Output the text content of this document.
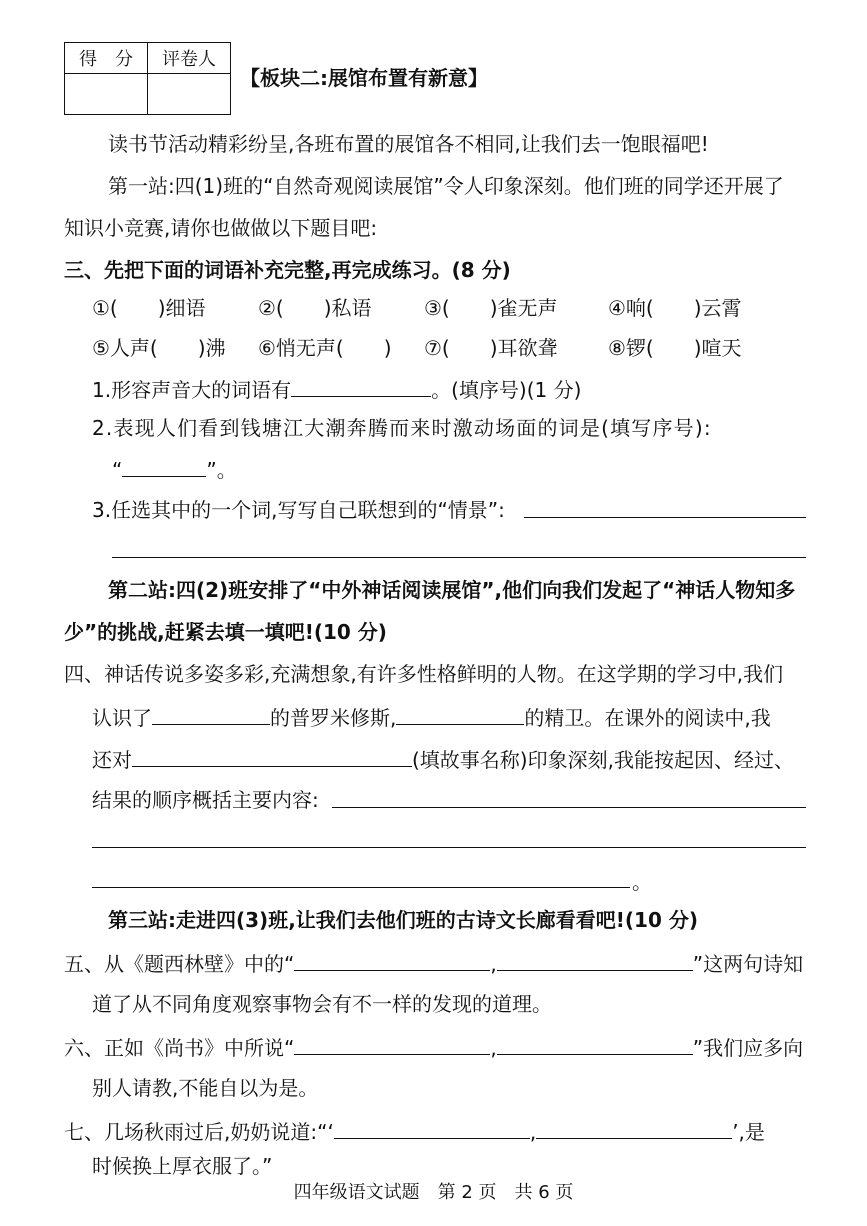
得　分	评卷人

【板块二:展馆布置有新意】
读书节活动精彩纷呈,各班布置的展馆各不相同,让我们去一饱眼福吧!
第一站:四(1)班的“自然奇观阅读展馆”令人印象深刻。他们班的同学还开展了
知识小竞赛,请你也做做以下题目吧:
三、先把下面的词语补充完整,再完成练习。(8 分)
①(　　)细语	②(　　)私语	③(　　)雀无声	④响(　　)云霄
⑤人声(　　)沸 ⑥悄无声(　　) ⑦(　　)耳欲聋	⑧锣(　　)喧天
1.形容声音大的词语有	。(填序号)(1 分)
2.表现人们看到钱塘江大潮奔腾而来时激动场面的词是(填写序号):
“	”。
3.任选其中的一个词,写写自己联想到的“情景”:
第二站:四(2)班安排了“中外神话阅读展馆”,他们向我们发起了“神话人物知多
少”的挑战,赶紧去填一填吧!(10 分)
四、神话传说多姿多彩,充满想象,有许多性格鲜明的人物。在这学期的学习中,我们
认识了	的普罗米修斯,	的精卫。在课外的阅读中,我
还对	(填故事名称)印象深刻,我能按起因、经过、
结果的顺序概括主要内容:
。
第三站:走进四(3)班,让我们去他们班的古诗文长廊看看吧!(10 分)
五、从《题西林壁》中的“	,	”这两句诗知
道了从不同角度观察事物会有不一样的发现的道理。
六、正如《尚书》中所说“	,	”我们应多向
别人请教,不能自以为是。
七、几场秋雨过后,奶奶说道:“‘	,	’,是
时候换上厚衣服了。”
四年级语文试题　第 2 页　共 6 页
